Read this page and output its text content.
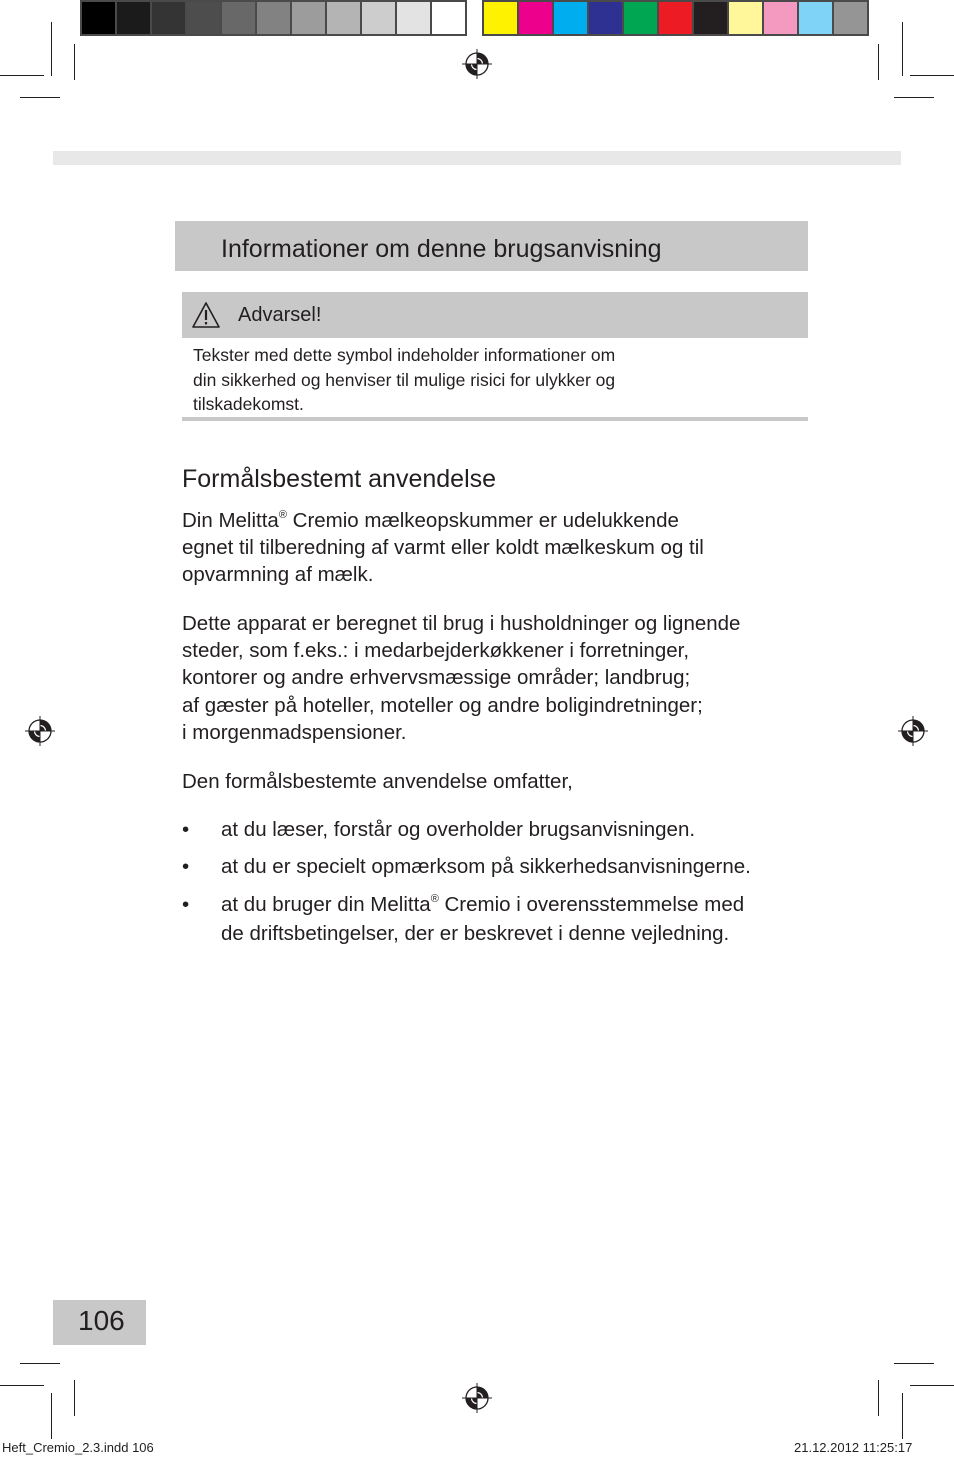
Informationer om denne brugsanvisning
Advarsel!
Tekster med dette symbol indeholder informationer om
din sikkerhed og henviser til mulige risici for ulykker og
tilskadekomst.
Formålsbestemt anvendelse
Din Melitta® Cremio mælkeopskummer er udelukkende
egnet til tilberedning af varmt eller koldt mælkeskum og til
opvarmning af mælk.
Dette apparat er beregnet til brug i husholdninger og lignende
steder, som f.eks.: i medarbejderkøkkener i forretninger,
kontorer og andre erhvervsmæssige områder; landbrug;
af gæster på hoteller, moteller og andre boligindretninger;
i morgenmadspensioner.
Den formålsbestemte anvendelse omfatter,
•	at du læser, forstår og overholder brugsanvisningen.
•	at du er specielt opmærksom på sikkerhedsanvisningerne.
•	at du bruger din Melitta® Cremio i overensstemmelse med
de driftsbetingelser, der er beskrevet i denne vejledning.
106
Heft_Cremio_2.3.indd 106	21.12.2012 11:25:17
